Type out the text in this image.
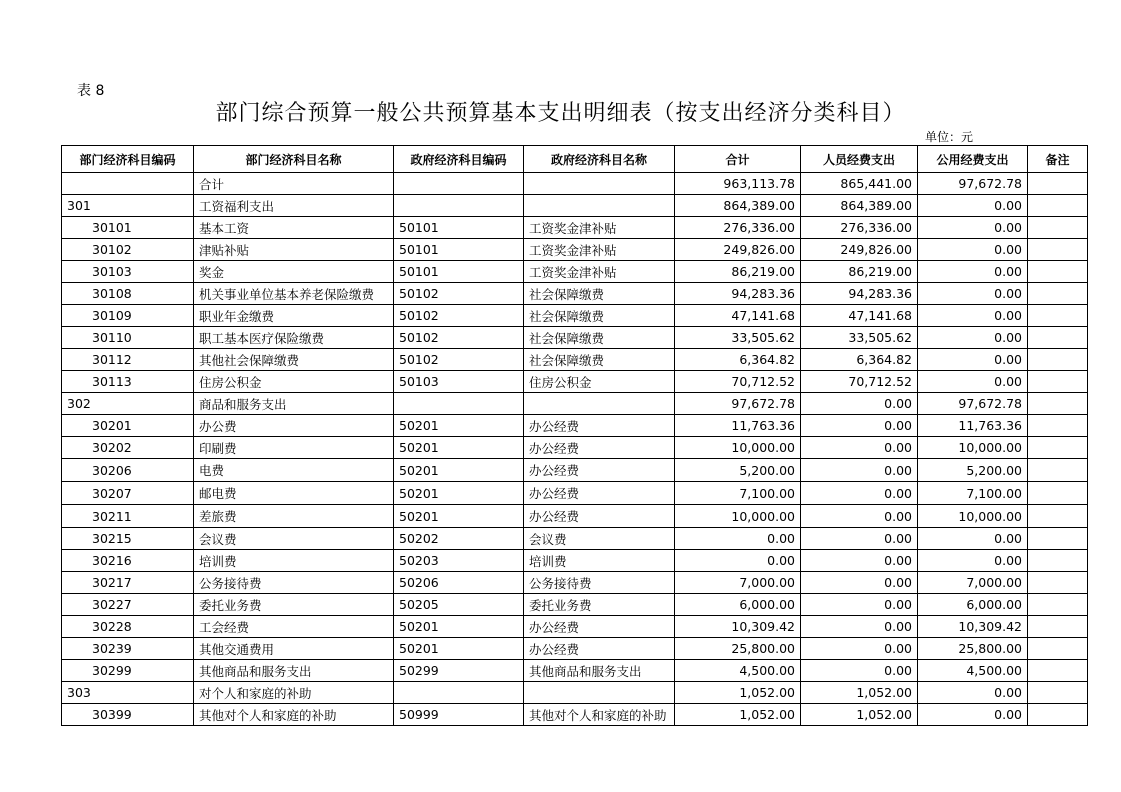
表 8
部门综合预算一般公共预算基本支出明细表（按支出经济分类科目）
单位：元
部门经济科目编码	部门经济科目名称	政府经济科目编码	政府经济科目名称	合计	人员经费支出	公用经费支出	备注
	合计			963,113.78	865,441.00	97,672.78	
301	工资福利支出			864,389.00	864,389.00	0.00	
30101	基本工资	50101	工资奖金津补贴	276,336.00	276,336.00	0.00	
30102	津贴补贴	50101	工资奖金津补贴	249,826.00	249,826.00	0.00	
30103	奖金	50101	工资奖金津补贴	86,219.00	86,219.00	0.00	
30108	机关事业单位基本养老保险缴费	50102	社会保障缴费	94,283.36	94,283.36	0.00	
30109	职业年金缴费	50102	社会保障缴费	47,141.68	47,141.68	0.00	
30110	职工基本医疗保险缴费	50102	社会保障缴费	33,505.62	33,505.62	0.00	
30112	其他社会保障缴费	50102	社会保障缴费	6,364.82	6,364.82	0.00	
30113	住房公积金	50103	住房公积金	70,712.52	70,712.52	0.00	
302	商品和服务支出			97,672.78	0.00	97,672.78	
30201	办公费	50201	办公经费	11,763.36	0.00	11,763.36	
30202	印刷费	50201	办公经费	10,000.00	0.00	10,000.00	
30206	电费	50201	办公经费	5,200.00	0.00	5,200.00	
30207	邮电费	50201	办公经费	7,100.00	0.00	7,100.00	
30211	差旅费	50201	办公经费	10,000.00	0.00	10,000.00	
30215	会议费	50202	会议费	0.00	0.00	0.00	
30216	培训费	50203	培训费	0.00	0.00	0.00	
30217	公务接待费	50206	公务接待费	7,000.00	0.00	7,000.00	
30227	委托业务费	50205	委托业务费	6,000.00	0.00	6,000.00	
30228	工会经费	50201	办公经费	10,309.42	0.00	10,309.42	
30239	其他交通费用	50201	办公经费	25,800.00	0.00	25,800.00	
30299	其他商品和服务支出	50299	其他商品和服务支出	4,500.00	0.00	4,500.00	
303	对个人和家庭的补助			1,052.00	1,052.00	0.00	
30399	其他对个人和家庭的补助	50999	其他对个人和家庭的补助	1,052.00	1,052.00	0.00	
